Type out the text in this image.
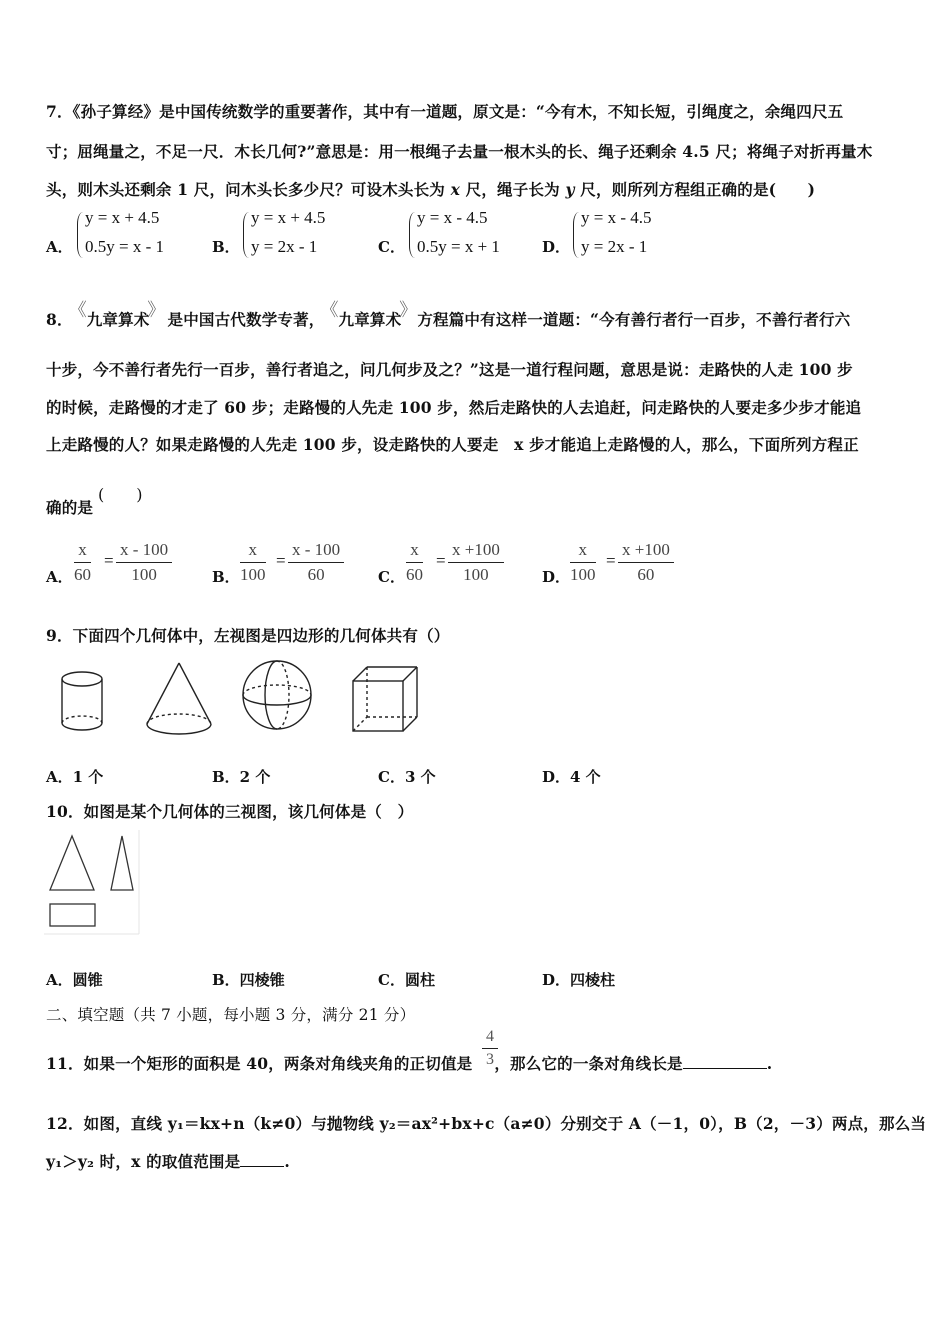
7．《孙子算经》是中国传统数学的重要著作，其中有一道题，原文是：“今有木，不知长短，引绳度之，余绳四尺五
寸；屈绳量之，不足一尺．木长几何?”意思是：用一根绳子去量一根木头的长、绳子还剩余 4.5 尺；将绳子对折再量木
头，则木头还剩余 1 尺，问木头长多少尺？可设木头长为 x 尺，绳子长为 y 尺，则所列方程组正确的是(　　)
A．
y = x + 4.5
0.5y = x - 1	B．
y = x + 4.5
y = 2x - 1	C．
y = x - 4.5
0.5y = x + 1	D．
y = x - 4.5
y = 2x - 1
8．
《 九章算术
》 是中国古代数学专著，
《 九章算术
》 方程篇中有这样一道题：“今有善行者行一百步，不善行者行六
十步，今不善行者先行一百步，善行者追之，问几何步及之？”这是一道行程问题，意思是说：走路快的人走 100 步
的时候，走路慢的才走了 60 步；走路慢的人先走 100 步，然后走路快的人去追赶，问走路快的人要走多少步才能追
上走路慢的人？如果走路慢的人先走 100 步，设走路快的人要走　x 步才能追上走路慢的人，那么，下面所列方程正
确的是
(　　)
A． $\frac{x}{60} = \frac{x - 100}{100}$	B． $\frac{x}{100} = \frac{x - 100}{60}$ C． $\frac{x}{60} = \frac{x +100}{100}$	D． $\frac{x}{100} = \frac{x +100}{60}$
9．下面四个几何体中，左视图是四边形的几何体共有（）
A．1 个	B．2 个	C．3 个	D．4 个
10．如图是某个几何体的三视图，该几何体是（　）
A．圆锥	B．四棱锥	C．圆柱	D．四棱柱
二、填空题（共 7 小题，每小题 3 分，满分 21 分）
11．如果一个矩形的面积是 40，两条对角线夹角的正切值是 ，那么它的一条对角线长是	.
$\frac{4}{3}$
12．如图，直线 y₁＝kx+n（k≠0）与抛物线 y₂＝ax²+bx+c（a≠0）分别交于 A（－1，0），B（2，－3）两点，那么当
y₁＞y₂ 时，x 的取值范围是	.
